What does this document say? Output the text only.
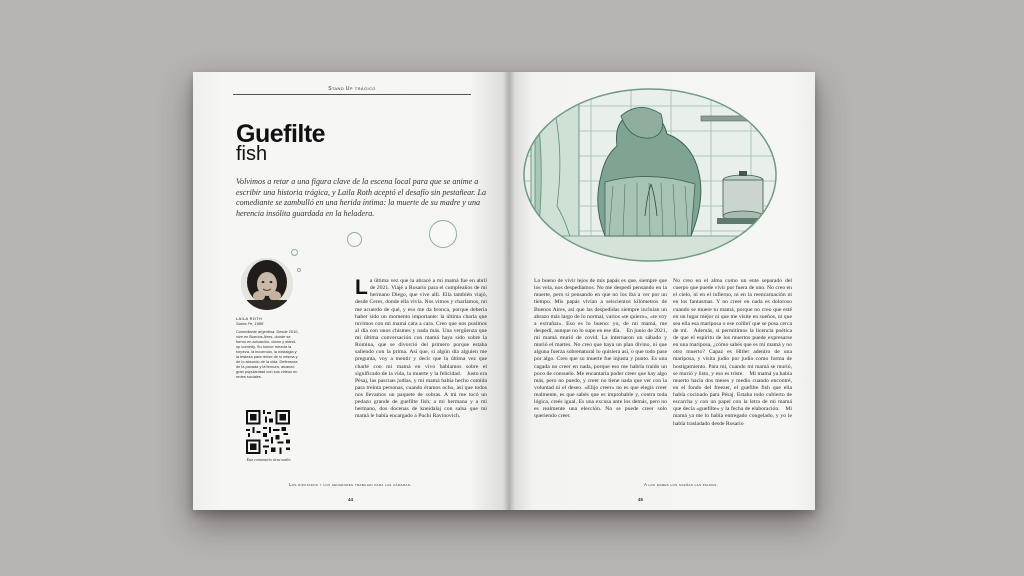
Stand Up trágico
Guefilte
fish
Volvimos a retar a una figura clave de la escena local para que se anime a escribir una historia trágica, y Laila Roth aceptó el desafío sin pestañear. La comediante se zambulló en una herida íntima: la muerte de su madre y una herencia insólita guardada en la heladera.
LAILA ROTH
Santa Fe, 1988
Comediante argentina. Desde 2010, vive en Buenos Aires, donde se formó en actuación, clown y stand-up comedy. Su humor mezcla la torpeza, la inocencia, la nostalgia y la tristeza para reírse de sí misma y de lo absurdo de la vida. Defensora de la pavada y la ternura, alcanzó gran popularidad con sus videos en redes sociales.
Este comentario tiene audio.
La última vez que la abracé a mi mamá fue en abril de 2021. Viajé a Rosario para el cumpleaños de mi hermano Diego, que vive allí. Ella también viajó, desde Ceres, donde ella vivía. Nos vimos y charlamos, mi me acuerdo de qué, y eso me da bronca, porque debería haber sido un momento importante: la última charla que tuvimos con mi mamá cara a cara. Creo que nos pusimos al día con unos chismes y nada más. Una vergüenza que mi última conversación con mamá haya sido sobre la Romina, que se divorció del primero porque estaba saliendo con la prima. Así que, si algún día alguien me pregunta, voy a mentir y decir que la última vez que charlé con mi mamá en vivo hablamos sobre el significado de la vida, la muerte y la felicidad. Justo era Pésaj, las pascuas judías, y mi mamá había hecho comida para treinta personas, cuando éramos ocho, así que todos nos llevamos un paquete de sobras. A mi me tocó un pedazo grande de guefilte fish; a mi hermana y a mi hermano, dos docenas de kneidalaj con salsa que mi mamá le había encargado a Puchi Ravinovich.
Los diputados y los senadores trabajan para las cámaras.
44
Lo bueno de vivir lejos de mis papás es que, siempre que los veía, nos despedíamos. No me despedí pensando en la muerte, pero sí pensando en que no los iba a ver por un tiempo. Mis papás vivían a seiscientos kilómetros de Buenos Aires, así que las despedidas siempre incluían un abrazo más largo de lo normal, varios «te quiero», «te voy a extrañar». Eso es lo bueno: yo, de mi mamá, me despedí, aunque no lo supe en ese día. En junio de 2021, mi mamá murió de covid. La internaron un sábado y murió el martes. No creo que haya un plan divino, ni que alguna fuerza sobrenatural lo quisiera así, o que todo pase por algo. Creo que su muerte fue injusta y punto. Es una cagada no creer en nada, porque eso me habría traído un poco de consuelo. Me encantaría poder creer que hay algo más, pero no puedo, y creer no tiene nada que ver con la voluntad ni el deseo. «Elijo creer» no es que elegís creer realmente, es que sabés que es improbable y, contra toda lógica, creés igual. Es una excusa ante los demás, pero no es realmente una elección. No se puede creer solo queriendo creer.
No creo en el alma como un ente separado del cuerpo que puede vivir por fuera de uno. No creo en el cielo, ni en el infierno, ni en la reencarnación ni en los fantasmas. Y no creer en nada es doloroso cuando se muere tu mamá, porque no creo que esté en un lugar mejor ni que me visite en sueños, ni que sea ella esa mariposa o ese colibrí que se posa cerca de mí. Además, si permitimos la licencia poética de que el espíritu de los muertos puede expresarse en una mariposa, ¿cómo sabés que es mi mamá y no otro muerto? Capaz es Hitler adentro de una mariposa, y visita judío por judío como forma de hostigamiento. Para mí, cuando mi mamá se murió, se murió y listo, y eso es triste. Mi mamá ya había muerto hacía dos meses y medio cuando encontré, en el fondo del freezer, el guefilte fish que ella había cocinado para Pésaj. Estaba todo cubierto de escarcha y con un papel con la letra de mi mamá que decía «guefilte» y la fecha de elaboración. Mi mamá ya me lo había entregado congelado, y yo le había trasladado desde Rosario
A los dames los sueñan las palmas.
45
